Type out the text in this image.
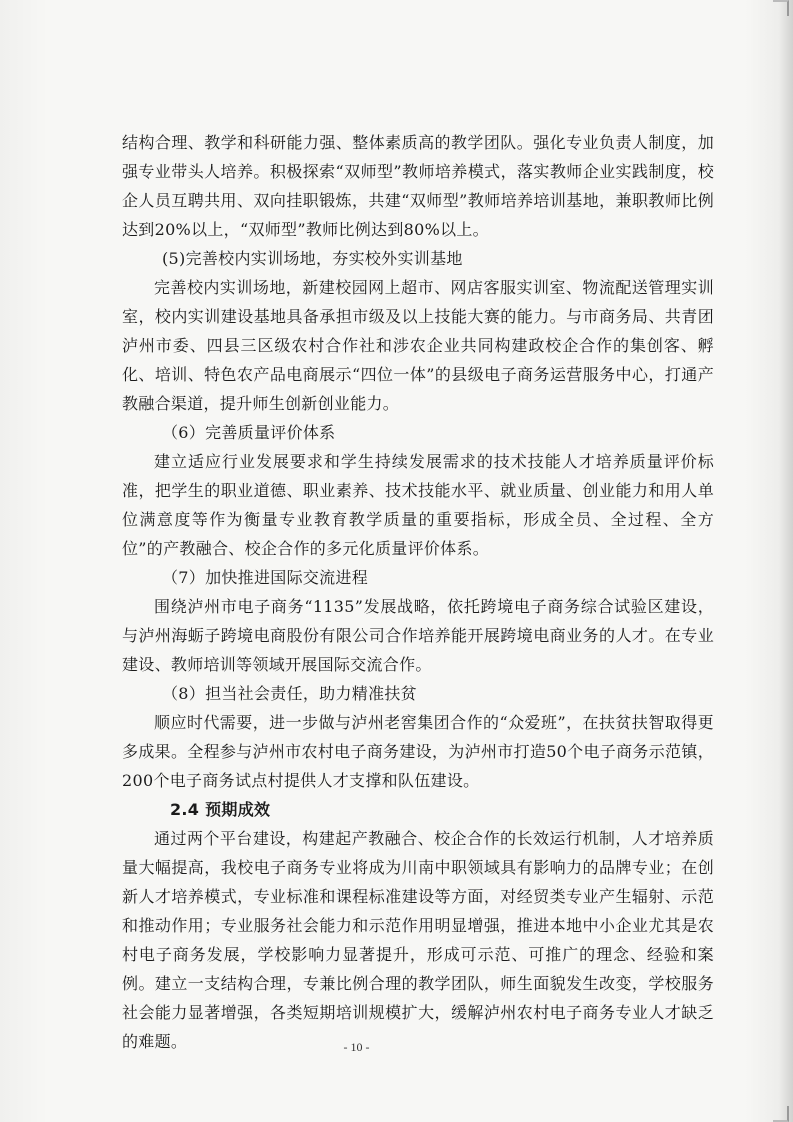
结构合理、教学和科研能力强、整体素质高的教学团队。强化专业负责人制度，加强专业带头人培养。积极探索“双师型”教师培养模式，落实教师企业实践制度，校企人员互聘共用、双向挂职锻炼，共建“双师型”教师培养培训基地，兼职教师比例达到20%以上，“双师型”教师比例达到80%以上。

(5)完善校内实训场地，夯实校外实训基地

完善校内实训场地，新建校园网上超市、网店客服实训室、物流配送管理实训室，校内实训建设基地具备承担市级及以上技能大赛的能力。与市商务局、共青团泸州市委、四县三区级农村合作社和涉农企业共同构建政校企合作的集创客、孵化、培训、特色农产品电商展示“四位一体”的县级电子商务运营服务中心，打通产教融合渠道，提升师生创新创业能力。

（6）完善质量评价体系

建立适应行业发展要求和学生持续发展需求的技术技能人才培养质量评价标准，把学生的职业道德、职业素养、技术技能水平、就业质量、创业能力和用人单位满意度等作为衡量专业教育教学质量的重要指标，形成全员、全过程、全方位”的产教融合、校企合作的多元化质量评价体系。

（7）加快推进国际交流进程

围绕泸州市电子商务“1135”发展战略，依托跨境电子商务综合试验区建设，与泸州海蛎子跨境电商股份有限公司合作培养能开展跨境电商业务的人才。在专业建设、教师培训等领域开展国际交流合作。

（8）担当社会责任，助力精准扶贫

顺应时代需要，进一步做与泸州老窖集团合作的“众爱班”，在扶贫扶智取得更多成果。全程参与泸州市农村电子商务建设，为泸州市打造50个电子商务示范镇，200个电子商务试点村提供人才支撑和队伍建设。

2.4 预期成效

通过两个平台建设，构建起产教融合、校企合作的长效运行机制，人才培养质量大幅提高，我校电子商务专业将成为川南中职领域具有影响力的品牌专业；在创新人才培养模式，专业标准和课程标准建设等方面，对经贸类专业产生辐射、示范和推动作用；专业服务社会能力和示范作用明显增强，推进本地中小企业尤其是农村电子商务发展，学校影响力显著提升，形成可示范、可推广的理念、经验和案例。建立一支结构合理，专兼比例合理的教学团队，师生面貌发生改变，学校服务社会能力显著增强，各类短期培训规模扩大，缓解泸州农村电子商务专业人才缺乏的难题。	- 10 -
